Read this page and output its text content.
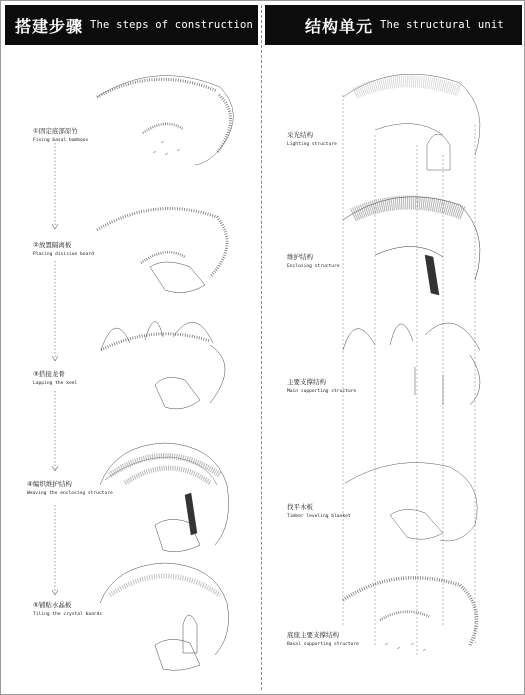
搭建步骤 The steps of construction
①固定底部原竹
Fixing basal bamboos
②放置隔离板
Placing division board
③搭接龙骨
Lapping the keel
④编织维护结构
Weaving the enclosing structure
⑤铺贴水晶板
Tiling the crystal boards
结构单元 The structural unit
采光结构
Lighting structure
维护结构
Enclosing structure
主要支撑结构
Main supporting structure
找平木板
Timber leveling blanket
底座主要支撑结构
Basal supporting structure
